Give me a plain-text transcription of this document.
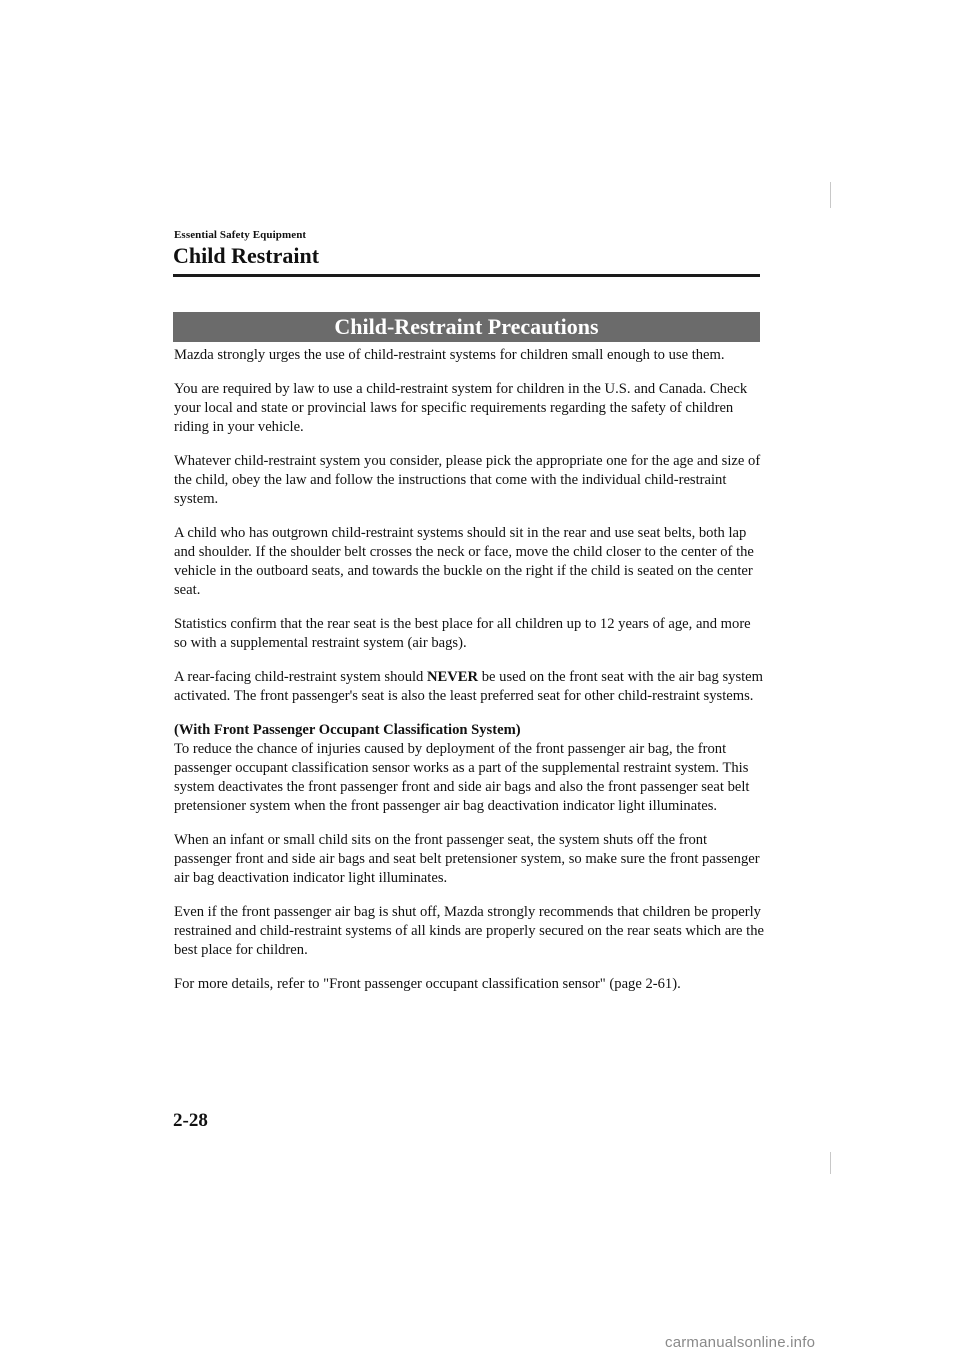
Essential Safety Equipment
Child Restraint
Child-Restraint Precautions

Mazda strongly urges the use of child-restraint systems for children small enough to use them.

You are required by law to use a child-restraint system for children in the U.S. and Canada. Check your local and state or provincial laws for specific requirements regarding the safety of children riding in your vehicle.

Whatever child-restraint system you consider, please pick the appropriate one for the age and size of the child, obey the law and follow the instructions that come with the individual child-restraint system.

A child who has outgrown child-restraint systems should sit in the rear and use seat belts, both lap and shoulder. If the shoulder belt crosses the neck or face, move the child closer to the center of the vehicle in the outboard seats, and towards the buckle on the right if the child is seated on the center seat.

Statistics confirm that the rear seat is the best place for all children up to 12 years of age, and more so with a supplemental restraint system (air bags).

A rear-facing child-restraint system should NEVER be used on the front seat with the air bag system activated. The front passenger's seat is also the least preferred seat for other child-restraint systems.

(With Front Passenger Occupant Classification System)

To reduce the chance of injuries caused by deployment of the front passenger air bag, the front passenger occupant classification sensor works as a part of the supplemental restraint system. This system deactivates the front passenger front and side air bags and also the front passenger seat belt pretensioner system when the front passenger air bag deactivation indicator light illuminates.

When an infant or small child sits on the front passenger seat, the system shuts off the front passenger front and side air bags and seat belt pretensioner system, so make sure the front passenger air bag deactivation indicator light illuminates.

Even if the front passenger air bag is shut off, Mazda strongly recommends that children be properly restrained and child-restraint systems of all kinds are properly secured on the rear seats which are the best place for children.

For more details, refer to "Front passenger occupant classification sensor" (page 2-61).

2-28
carmanualsonline.info
